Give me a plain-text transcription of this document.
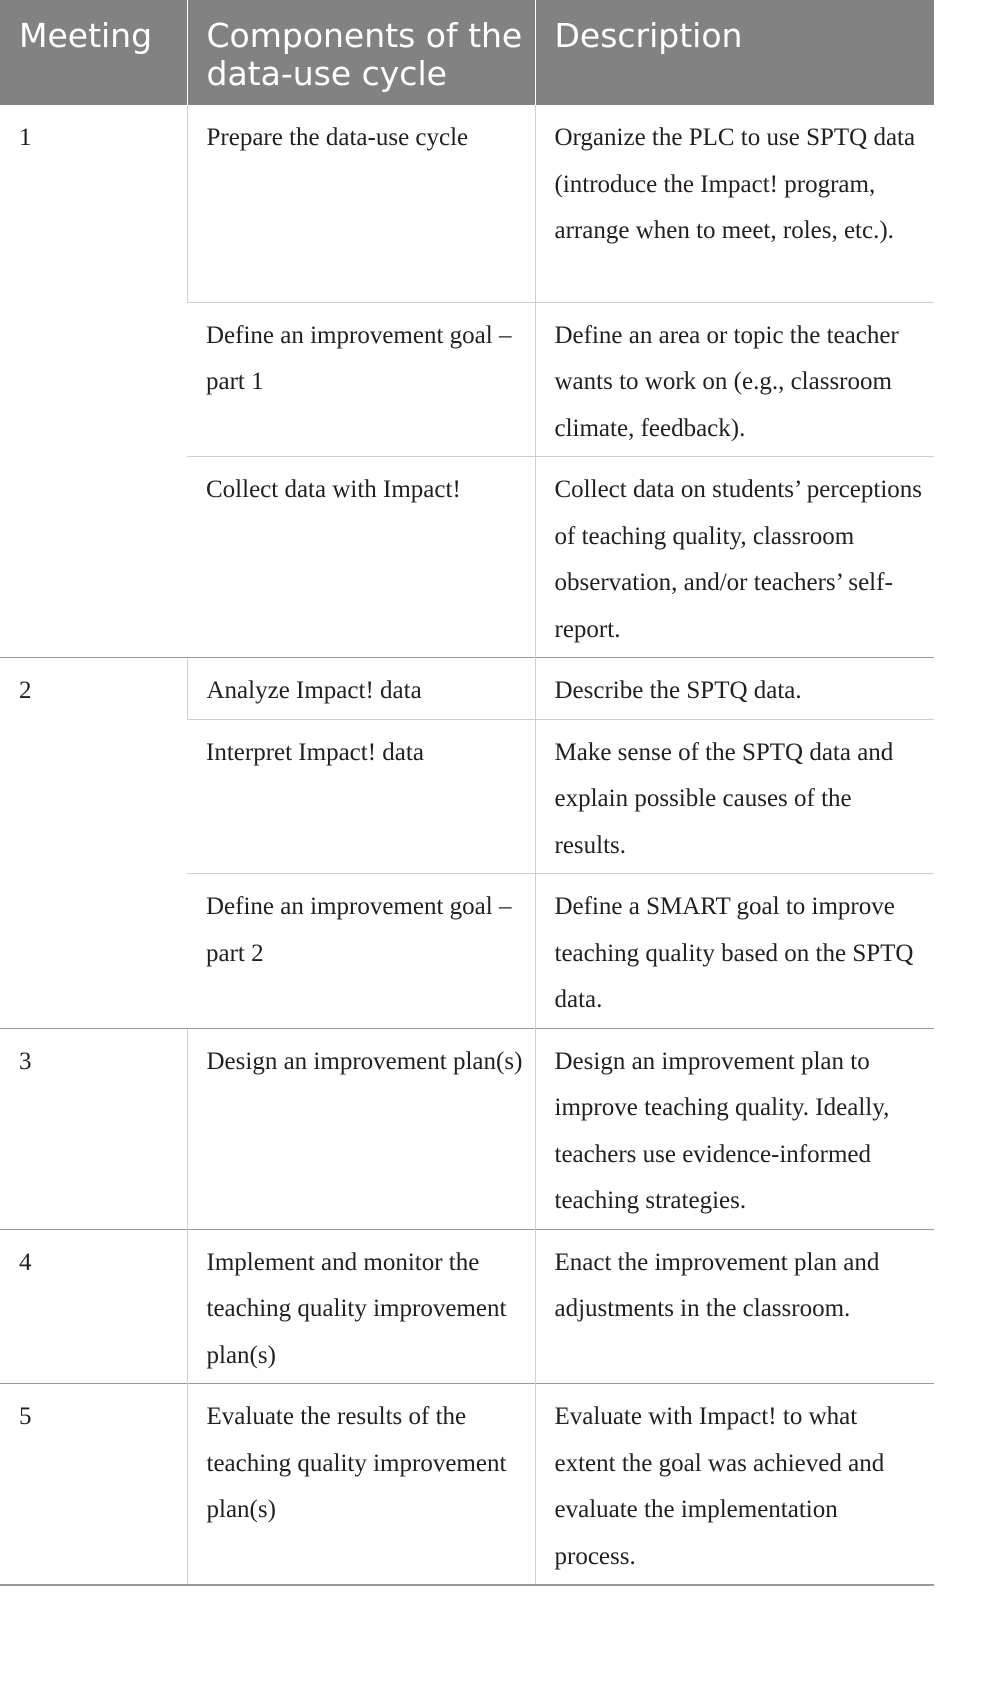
Meeting	Components of the data-use cycle	Description
1	Prepare the data-use cycle	Organize the PLC to use SPTQ data (introduce the Impact! program, arrange when to meet, roles, etc.).
	Define an improvement goal – part 1	Define an area or topic the teacher wants to work on (e.g., classroom climate, feedback).
	Collect data with Impact!	Collect data on students’ perceptions of teaching quality, classroom observation, and/or teachers’ self-report.
2	Analyze Impact! data	Describe the SPTQ data.
	Interpret Impact! data	Make sense of the SPTQ data and explain possible causes of the results.
	Define an improvement goal – part 2	Define a SMART goal to improve teaching quality based on the SPTQ data.
3	Design an improvement plan(s)	Design an improvement plan to improve teaching quality. Ideally, teachers use evidence-informed teaching strategies.
4	Implement and monitor the teaching quality improvement plan(s)	Enact the improvement plan and adjustments in the classroom.
5	Evaluate the results of the teaching quality improvement plan(s)	Evaluate with Impact! to what extent the goal was achieved and evaluate the implementation process.
